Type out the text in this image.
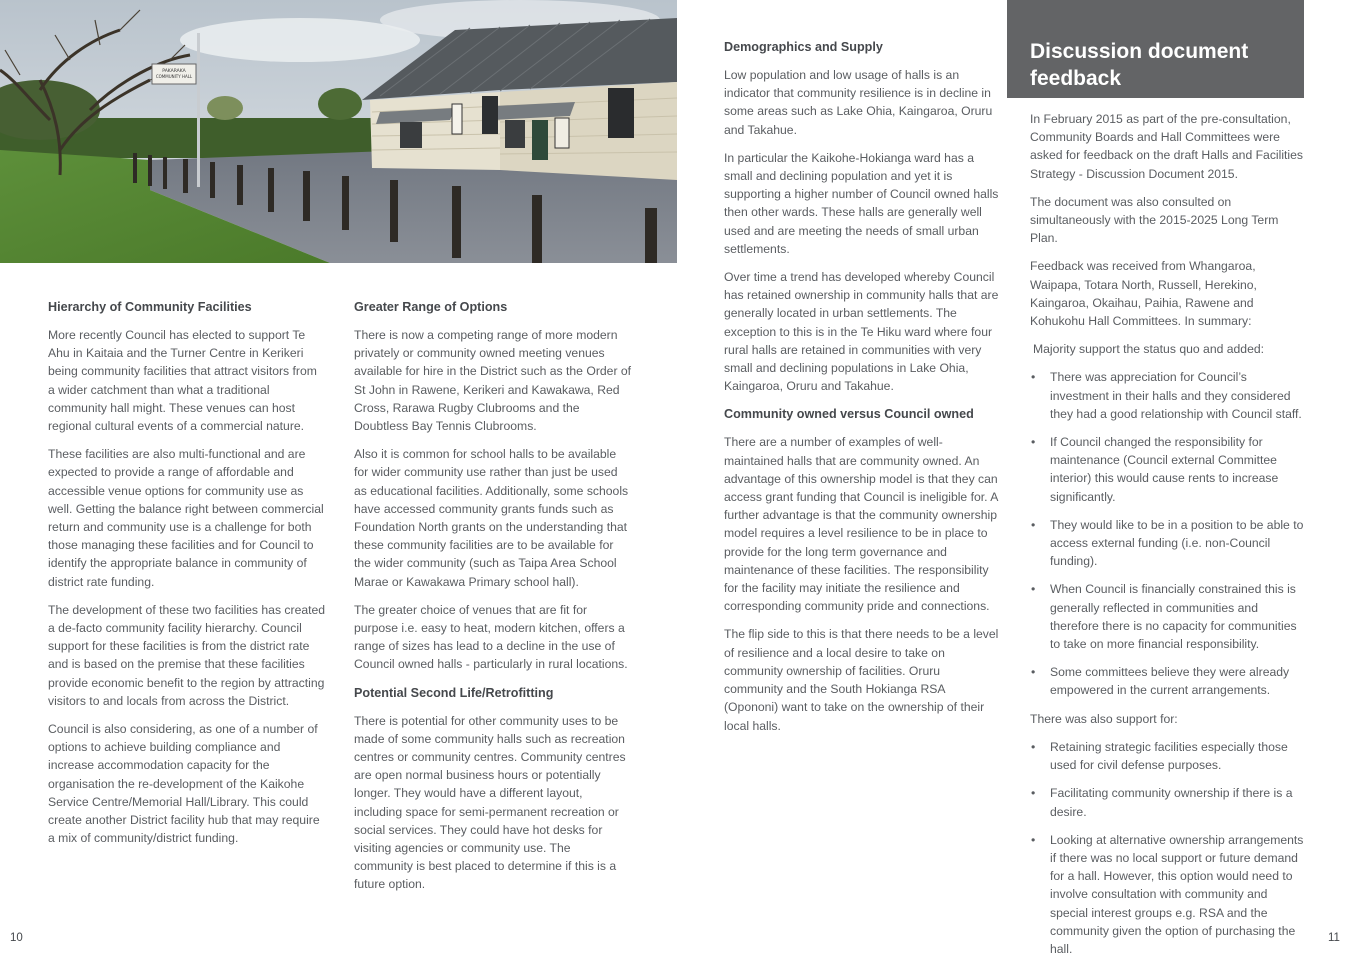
PAKARAKA
COMMUNITY HALL
Hierarchy of Community Facilities

More recently Council has elected to support Te Ahu in Kaitaia and the Turner Centre in Kerikeri being community facilities that attract visitors from a wider catchment than what a traditional community hall might. These venues can host regional cultural events of a commercial nature.

These facilities are also multi-functional and are expected to provide a range of affordable and accessible venue options for community use as well. Getting the balance right between commercial return and community use is a challenge for both those managing these facilities and for Council to identify the appropriate balance in community of district rate funding.

The development of these two facilities has created a de-facto community facility hierarchy. Council support for these facilities is from the district rate and is based on the premise that these facilities provide economic benefit to the region by attracting visitors to and locals from across the District.

Council is also considering, as one of a number of options to achieve building compliance and increase accommodation capacity for the organisation the re-development of the Kaikohe Service Centre/Memorial Hall/Library. This could create another District facility hub that may require a mix of community/district funding.

Greater Range of Options

There is now a competing range of more modern privately or community owned meeting venues available for hire in the District such as the Order of St John in Rawene, Kerikeri and Kawakawa, Red Cross, Rarawa Rugby Clubrooms and the Doubtless Bay Tennis Clubrooms.

Also it is common for school halls to be available for wider community use rather than just be used as educational facilities. Additionally, some schools have accessed community grants funds such as Foundation North grants on the understanding that these community facilities are to be available for the wider community (such as Taipa Area School Marae or Kawakawa Primary school hall).

The greater choice of venues that are fit for purpose i.e. easy to heat, modern kitchen, offers a range of sizes has lead to a decline in the use of Council owned halls - particularly in rural locations.

Potential Second Life/Retrofitting

There is potential for other community uses to be made of some community halls such as recreation centres or community centres. Community centres are open normal business hours or potentially longer. They would have a different layout, including space for semi-permanent recreation or social services. They could have hot desks for visiting agencies or community use. The community is best placed to determine if this is a future option.

Demographics and Supply

Low population and low usage of halls is an indicator that community resilience is in decline in some areas such as Lake Ohia, Kaingaroa, Oruru and Takahue.

In particular the Kaikohe-Hokianga ward has a small and declining population and yet it is supporting a higher number of Council owned halls then other wards. These halls are generally well used and are meeting the needs of small urban settlements.

Over time a trend has developed whereby Council has retained ownership in community halls that are generally located in urban settlements. The exception to this is in the Te Hiku ward where four rural halls are retained in communities with very small and declining populations in Lake Ohia, Kaingaroa, Oruru and Takahue.

Community owned versus Council owned

There are a number of examples of well-maintained halls that are community owned. An advantage of this ownership model is that they can access grant funding that Council is ineligible for. A further advantage is that the community ownership model requires a level resilience to be in place to provide for the long term governance and maintenance of these facilities. The responsibility for the facility may initiate the resilience and corresponding community pride and connections.

The flip side to this is that there needs to be a level of resilience and a local desire to take on community ownership of facilities. Oruru community and the South Hokianga RSA (Opononi) want to take on the ownership of their local halls.

Discussion document feedback

In February 2015 as part of the pre-consultation, Community Boards and Hall Committees were asked for feedback on the draft Halls and Facilities Strategy - Discussion Document 2015.

The document was also consulted on simultaneously with the 2015-2025 Long Term Plan.

Feedback was received from Whangaroa, Waipapa, Totara North, Russell, Herekino, Kaingaroa, Okaihau, Paihia, Rawene and Kohukohu Hall Committees. In summary:

Majority support the status quo and added:

• There was appreciation for Council’s investment in their halls and they considered they had a good relationship with Council staff.
• If Council changed the responsibility for maintenance (Council external Committee interior) this would cause rents to increase significantly.
• They would like to be in a position to be able to access external funding (i.e. non-Council funding).
• When Council is financially constrained this is generally reflected in communities and therefore there is no capacity for communities to take on more financial responsibility.
• Some committees believe they were already empowered in the current arrangements.

There was also support for:

• Retaining strategic facilities especially those used for civil defense purposes.
• Facilitating community ownership if there is a desire.
• Looking at alternative ownership arrangements if there was no local support or future demand for a hall. However, this option would need to involve consultation with community and special interest groups e.g. RSA and the community given the option of purchasing the hall.
10	11
